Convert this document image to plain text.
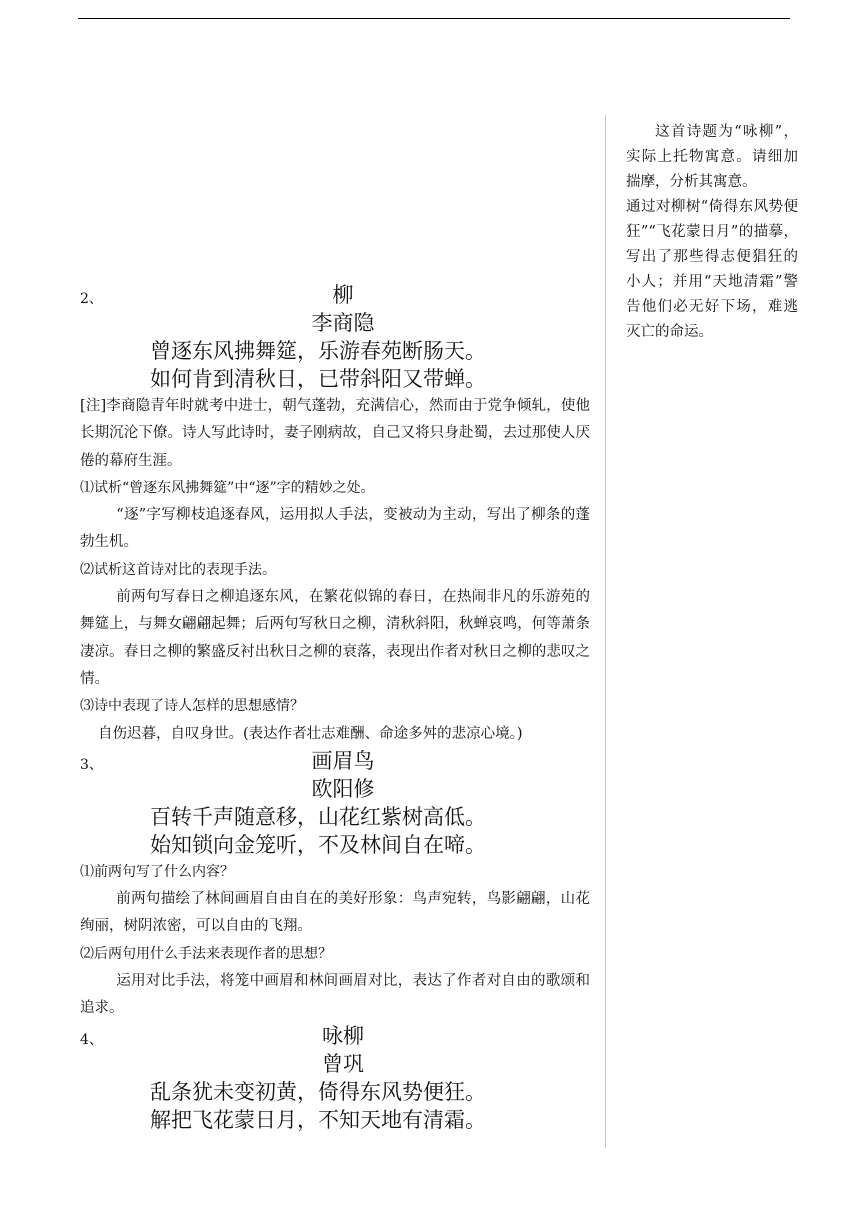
这首诗题为“咏柳”，实际上托物寓意。请细加揣摩，分析其寓意。

通过对柳树“倚得东风势便狂”“飞花蒙日月”的描摹，写出了那些得志便猖狂的小人；并用“天地清霜”警告他们必无好下场，难逃灭亡的命运。

2、	柳
李商隐
曾逐东风拂舞筵，乐游春苑断肠天。
如何肯到清秋日，已带斜阳又带蝉。

[注]李商隐青年时就考中进士，朝气蓬勃，充满信心，然而由于党争倾轧，使他长期沉沦下僚。诗人写此诗时，妻子刚病故，自己又将只身赴蜀，去过那使人厌倦的幕府生涯。

⑴试析“曾逐东风拂舞筵”中“逐”字的精妙之处。

“逐”字写柳枝追逐春风，运用拟人手法，变被动为主动，写出了柳条的蓬勃生机。

⑵试析这首诗对比的表现手法。

前两句写春日之柳追逐东风，在繁花似锦的春日，在热闹非凡的乐游苑的舞筵上，与舞女翩翩起舞；后两句写秋日之柳，清秋斜阳，秋蝉哀鸣，何等萧条凄凉。春日之柳的繁盛反衬出秋日之柳的衰落，表现出作者对秋日之柳的悲叹之情。

⑶诗中表现了诗人怎样的思想感情？

自伤迟暮，自叹身世。(表达作者壮志难酬、命途多舛的悲凉心境。)

3、	画眉鸟
欧阳修
百转千声随意移，山花红紫树高低。
始知锁向金笼听，不及林间自在啼。

⑴前两句写了什么内容？

前两句描绘了林间画眉自由自在的美好形象：鸟声宛转，鸟影翩翩，山花绚丽，树阴浓密，可以自由的飞翔。

⑵后两句用什么手法来表现作者的思想？

运用对比手法，将笼中画眉和林间画眉对比，表达了作者对自由的歌颂和追求。

4、	咏柳
曾巩
乱条犹未变初黄，倚得东风势便狂。
解把飞花蒙日月，不知天地有清霜。
